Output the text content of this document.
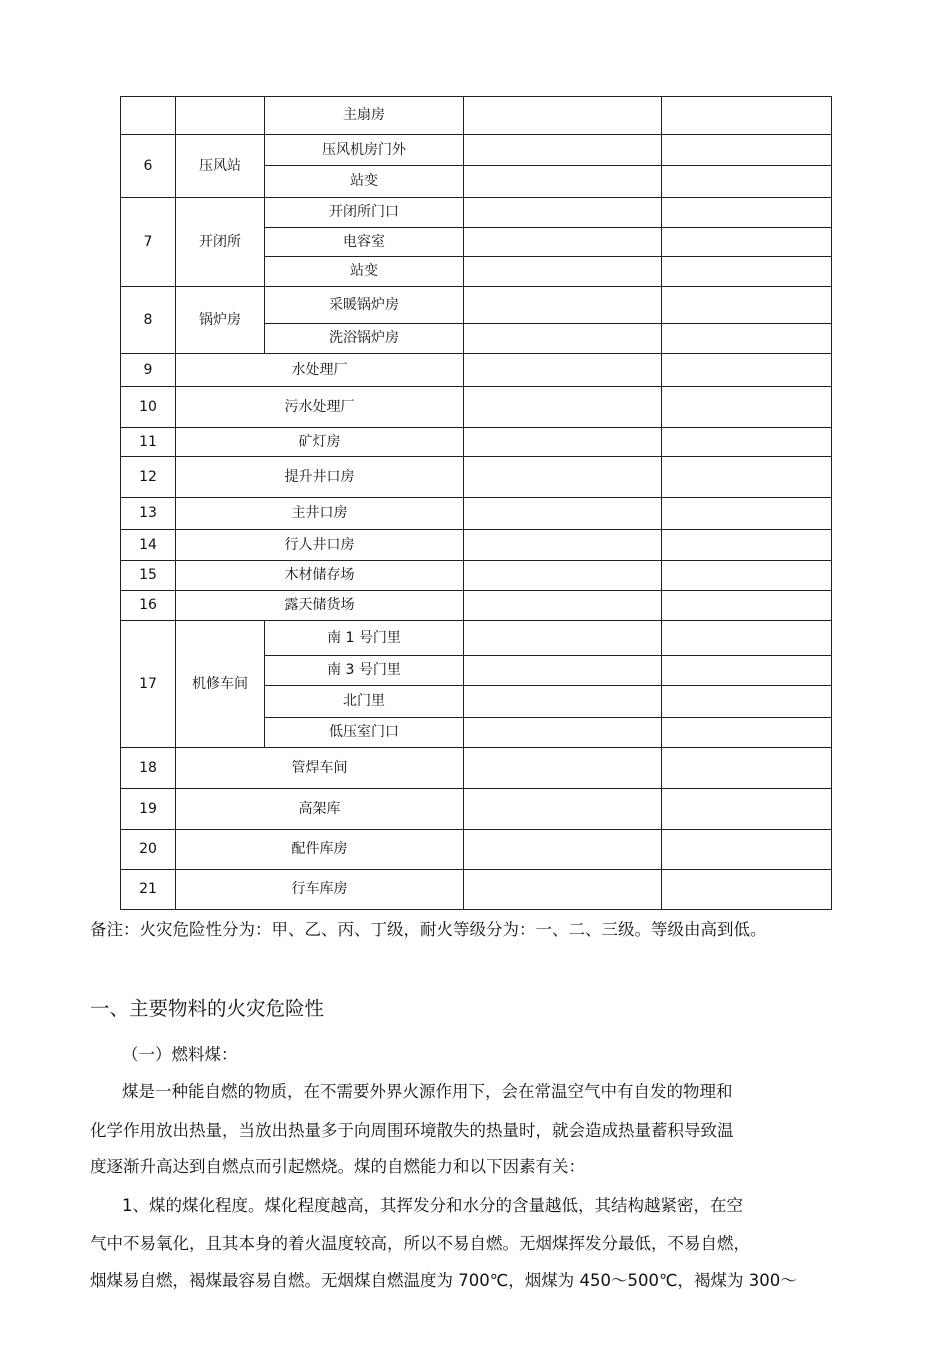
		主扇房		
6	压风站	压风机房门外		
		站变		
7	开闭所	开闭所门口		
		电容室		
		站变		
8	锅炉房	采暖锅炉房		
		洗浴锅炉房		
9	水处理厂			
10	污水处理厂			
11	矿灯房			
12	提升井口房			
13	主井口房			
14	行人井口房			
15	木材储存场			
16	露天储货场			
17	机修车间	南 1 号门里		
		南 3 号门里		
		北门里		
		低压室门口		
18	管焊车间			
19	高架库			
20	配件库房			
21	行车库房			
备注：火灾危险性分为：甲、乙、丙、丁级，耐火等级分为：一、二、三级。等级由高到低。
一、主要物料的火灾危险性
（一）燃料煤：
煤是一种能自燃的物质，在不需要外界火源作用下，会在常温空气中有自发的物理和
化学作用放出热量，当放出热量多于向周围环境散失的热量时，就会造成热量蓄积导致温
度逐渐升高达到自燃点而引起燃烧。煤的自燃能力和以下因素有关：
1、煤的煤化程度。煤化程度越高，其挥发分和水分的含量越低，其结构越紧密，在空
气中不易氧化，且其本身的着火温度较高，所以不易自燃。无烟煤挥发分最低，不易自燃，
烟煤易自燃，褐煤最容易自燃。无烟煤自燃温度为 700℃，烟煤为 450～500℃，褐煤为 300～
